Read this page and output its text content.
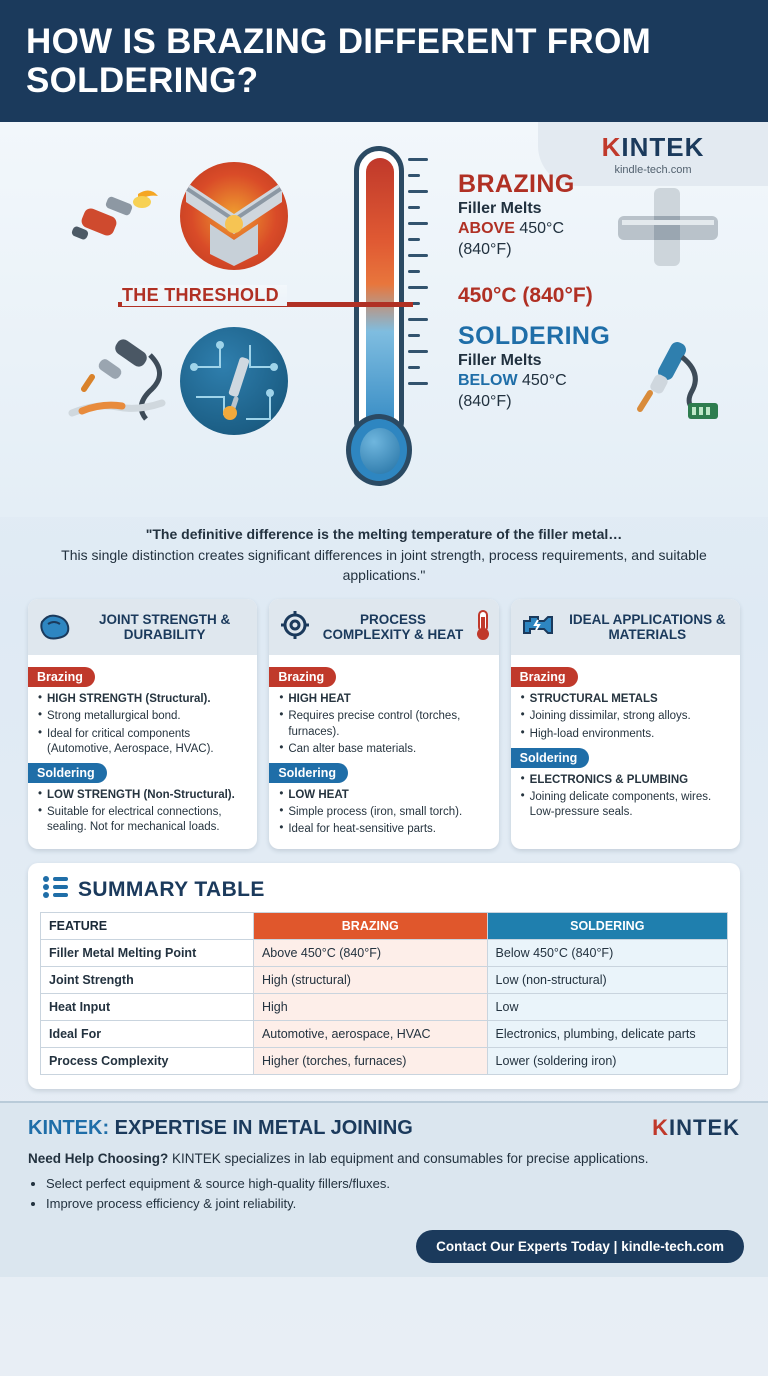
HOW IS BRAZING DIFFERENT FROM SOLDERING?
KINTEK
kindle-tech.com
THE THRESHOLD	450°C (840°F)
BRAZING

Filler Melts

ABOVE 450°C

(840°F)

SOLDERING

Filler Melts

BELOW 450°C

(840°F)

"The definitive difference is the melting temperature of the filler metal…
This single distinction creates significant differences in joint strength, process requirements, and suitable applications."
JOINT STRENGTH & DURABILITY
Brazing
• HIGH STRENGTH (Structural).
• Strong metallurgical bond.
• Ideal for critical components (Automotive, Aerospace, HVAC).
Soldering
• LOW STRENGTH (Non-Structural).
• Suitable for electrical connections, sealing. Not for mechanical loads.
PROCESS COMPLEXITY & HEAT
Brazing
• HIGH HEAT
• Requires precise control (torches, furnaces).
• Can alter base materials.
Soldering
• LOW HEAT
• Simple process (iron, small torch).
• Ideal for heat-sensitive parts.
IDEAL APPLICATIONS & MATERIALS
Brazing
• STRUCTURAL METALS
• Joining dissimilar, strong alloys.
• High-load environments.
Soldering
• ELECTRONICS & PLUMBING
• Joining delicate components, wires. Low-pressure seals.
SUMMARY TABLE
FEATURE	BRAZING	SOLDERING
Filler Metal Melting Point	Above 450°C (840°F)	Below 450°C (840°F)
Joint Strength	High (structural)	Low (non-structural)
Heat Input	High	Low
Ideal For	Automotive, aerospace, HVAC	Electronics, plumbing, delicate parts
Process Complexity	Higher (torches, furnaces)	Lower (soldering iron)
KINTEK: EXPERTISE IN METAL JOINING	KINTEK
Need Help Choosing? KINTEK specializes in lab equipment and consumables for precise applications.
• Select perfect equipment & source high-quality fillers/fluxes.
• Improve process efficiency & joint reliability.
Contact Our Experts Today | kindle-tech.com
